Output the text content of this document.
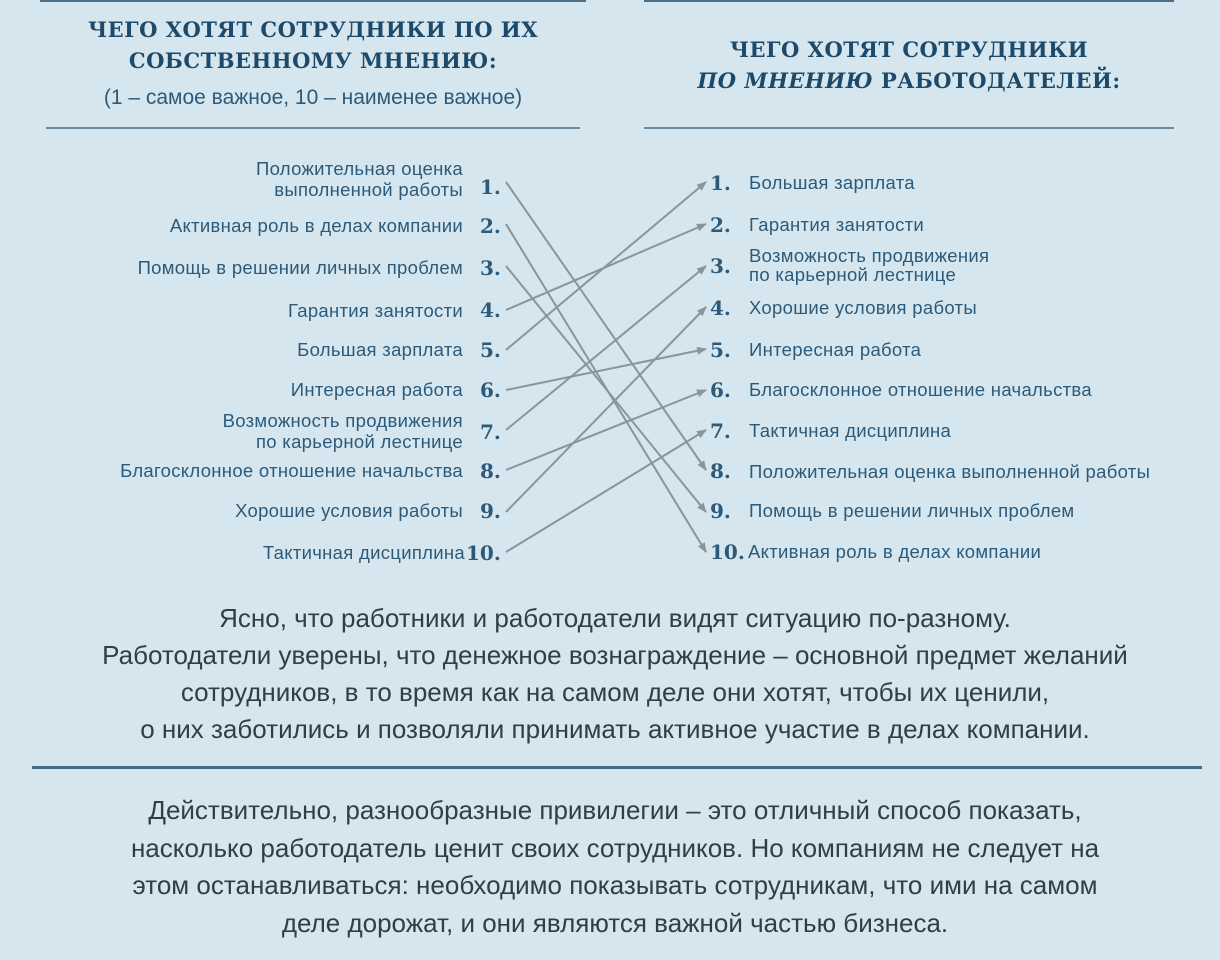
ЧЕГО ХОТЯТ СОТРУДНИКИ ПО ИХ
СОБСТВЕННОМУ МНЕНИЮ:
(1 – самое важное, 10 – наименее важное)
ЧЕГО ХОТЯТ СОТРУДНИКИ
ПО МНЕНИЮ РАБОТОДАТЕЛЕЙ:
Положительная оценка
выполненной работы 1.
Активная роль в делах компании 2.
Помощь в решении личных проблем 3.
Гарантия занятости 4.
Большая зарплата 5.
Интересная работа 6.
Возможность продвижения
по карьерной лестнице 7.
Благосклонное отношение начальства 8.
Хорошие условия работы 9.
Тактичная дисциплина 10.
1. Большая зарплата
2. Гарантия занятости
3. Возможность продвижения
по карьерной лестнице
4. Хорошие условия работы
5. Интересная работа
6. Благосклонное отношение начальства
7. Тактичная дисциплина
8. Положительная оценка выполненной работы
9. Помощь в решении личных проблем
10. Активная роль в делах компании
Ясно, что работники и работодатели видят ситуацию по-разному.
Работодатели уверены, что денежное вознаграждение – основной предмет желаний
сотрудников, в то время как на самом деле они хотят, чтобы их ценили,
о них заботились и позволяли принимать активное участие в делах компании.
Действительно, разнообразные привилегии – это отличный способ показать,
насколько работодатель ценит своих сотрудников. Но компаниям не следует на
этом останавливаться: необходимо показывать сотрудникам, что ими на самом
деле дорожат, и они являются важной частью бизнеса.
